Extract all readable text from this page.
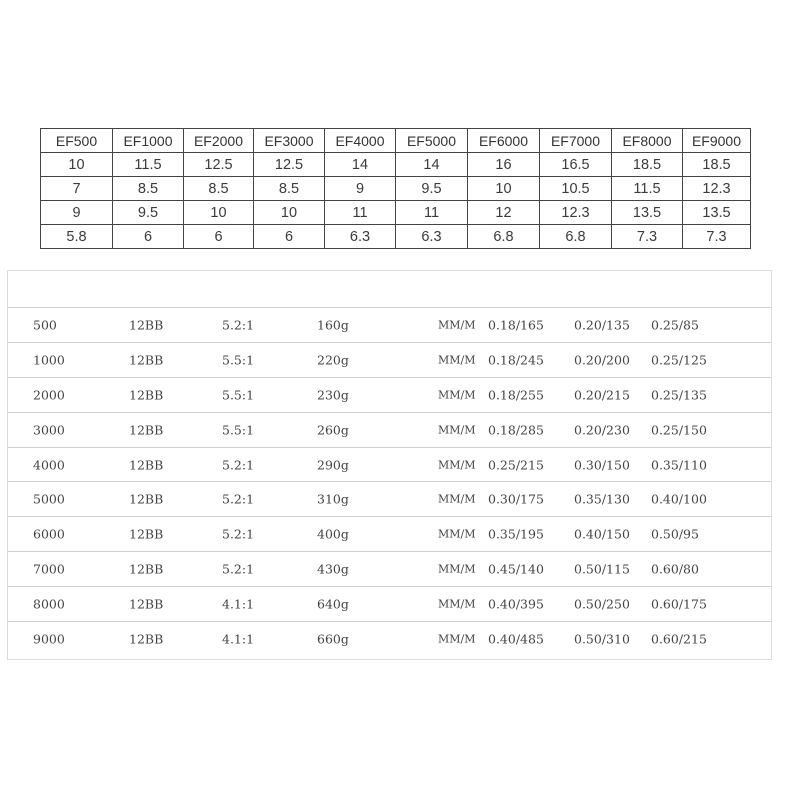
EF500	EF1000	EF2000	EF3000	EF4000	EF5000	EF6000	EF7000	EF8000	EF9000
10	11.5	12.5	12.5	14	14	16	16.5	18.5	18.5
7	8.5	8.5	8.5	9	9.5	10	10.5	11.5	12.3
9	9.5	10	10	11	11	12	12.3	13.5	13.5
5.8	6	6	6	6.3	6.3	6.8	6.8	7.3	7.3
500	12BB	5.2:1	160g	MM/M 0.18/165 0.20/135 0.25/85
1000	12BB	5.5:1	220g	MM/M 0.18/245 0.20/200 0.25/125
2000	12BB	5.5:1	230g	MM/M 0.18/255 0.20/215 0.25/135
3000	12BB	5.5:1	260g	MM/M 0.18/285 0.20/230 0.25/150
4000	12BB	5.2:1	290g	MM/M 0.25/215 0.30/150 0.35/110
5000	12BB	5.2:1	310g	MM/M 0.30/175 0.35/130 0.40/100
6000	12BB	5.2:1	400g	MM/M 0.35/195 0.40/150 0.50/95
7000	12BB	5.2:1	430g	MM/M 0.45/140 0.50/115 0.60/80
8000	12BB	4.1:1	640g	MM/M 0.40/395 0.50/250 0.60/175
9000	12BB	4.1:1	660g	MM/M 0.40/485 0.50/310 0.60/215
